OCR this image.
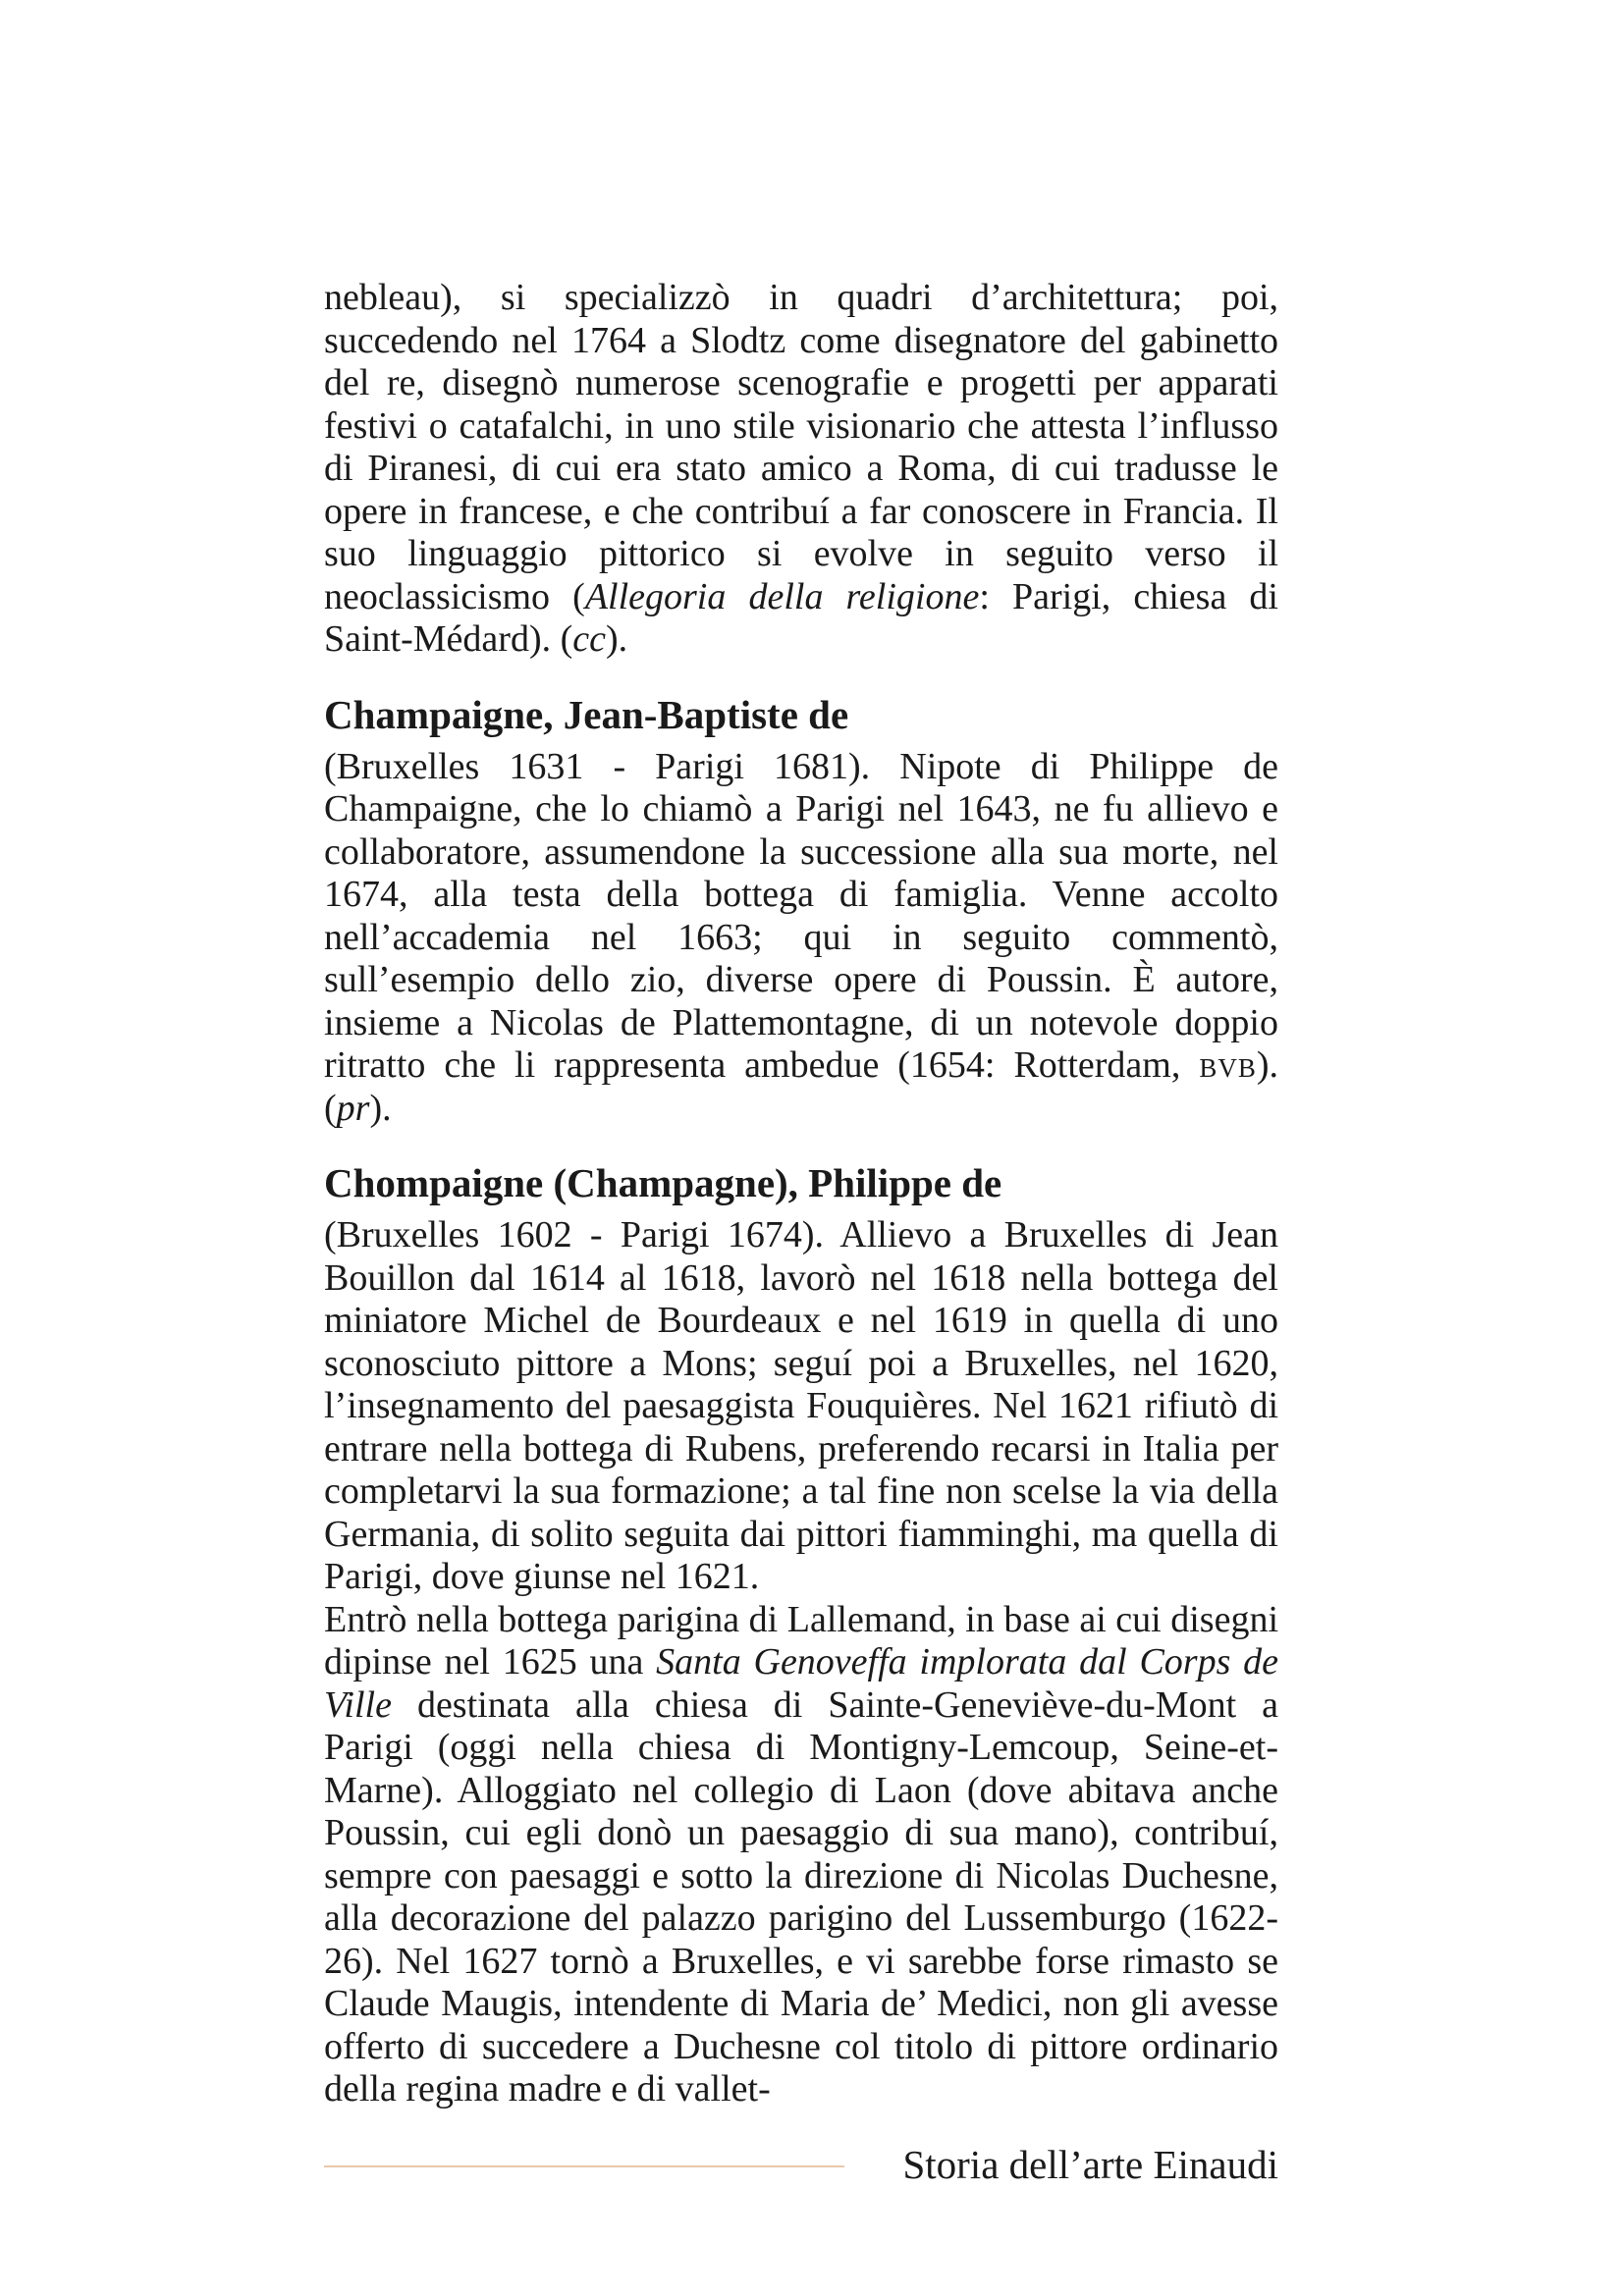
nebleau), si specializzò in quadri d’architettura; poi, succedendo nel 1764 a Slodtz come disegnatore del gabinetto del re, disegnò numerose scenografie e progetti per apparati festivi o catafalchi, in uno stile visionario che attesta l’influsso di Piranesi, di cui era stato amico a Roma, di cui tradusse le opere in francese, e che contribuí a far conoscere in Francia. Il suo linguaggio pittorico si evolve in seguito verso il neoclassicismo (Allegoria della religione: Parigi, chiesa di Saint-Médard). (cc).

Champaigne, Jean-Baptiste de

(Bruxelles 1631 - Parigi 1681). Nipote di Philippe de Champaigne, che lo chiamò a Parigi nel 1643, ne fu allievo e collaboratore, assumendone la successione alla sua morte, nel 1674, alla testa della bottega di famiglia. Venne accolto nell’accademia nel 1663; qui in seguito commentò, sull’esempio dello zio, diverse opere di Poussin. È autore, insieme a Nicolas de Plattemontagne, di un notevole doppio ritratto che li rappresenta ambedue (1654: Rotterdam, bvb). (pr).

Chompaigne (Champagne), Philippe de

(Bruxelles 1602 - Parigi 1674). Allievo a Bruxelles di Jean Bouillon dal 1614 al 1618, lavorò nel 1618 nella bottega del miniatore Michel de Bourdeaux e nel 1619 in quella di uno sconosciuto pittore a Mons; seguí poi a Bruxelles, nel 1620, l’insegnamento del paesaggista Fouquières. Nel 1621 rifiutò di entrare nella bottega di Rubens, preferendo recarsi in Italia per completarvi la sua formazione; a tal fine non scelse la via della Germania, di solito seguita dai pittori fiamminghi, ma quella di Parigi, dove giunse nel 1621.

Entrò nella bottega parigina di Lallemand, in base ai cui disegni dipinse nel 1625 una Santa Genoveffa implorata dal Corps de Ville destinata alla chiesa di Sainte-Geneviève-du-Mont a Parigi (oggi nella chiesa di Montigny-Lemcoup, Seine-et-Marne). Alloggiato nel collegio di Laon (dove abitava anche Poussin, cui egli donò un paesaggio di sua mano), contribuí, sempre con paesaggi e sotto la direzione di Nicolas Duchesne, alla decorazione del palazzo parigino del Lussemburgo (1622-26). Nel 1627 tornò a Bruxelles, e vi sarebbe forse rimasto se Claude Maugis, intendente di Maria de’ Medici, non gli avesse offerto di succedere a Duchesne col titolo di pittore ordinario della regina madre e di vallet-

Storia dell’arte Einaudi
